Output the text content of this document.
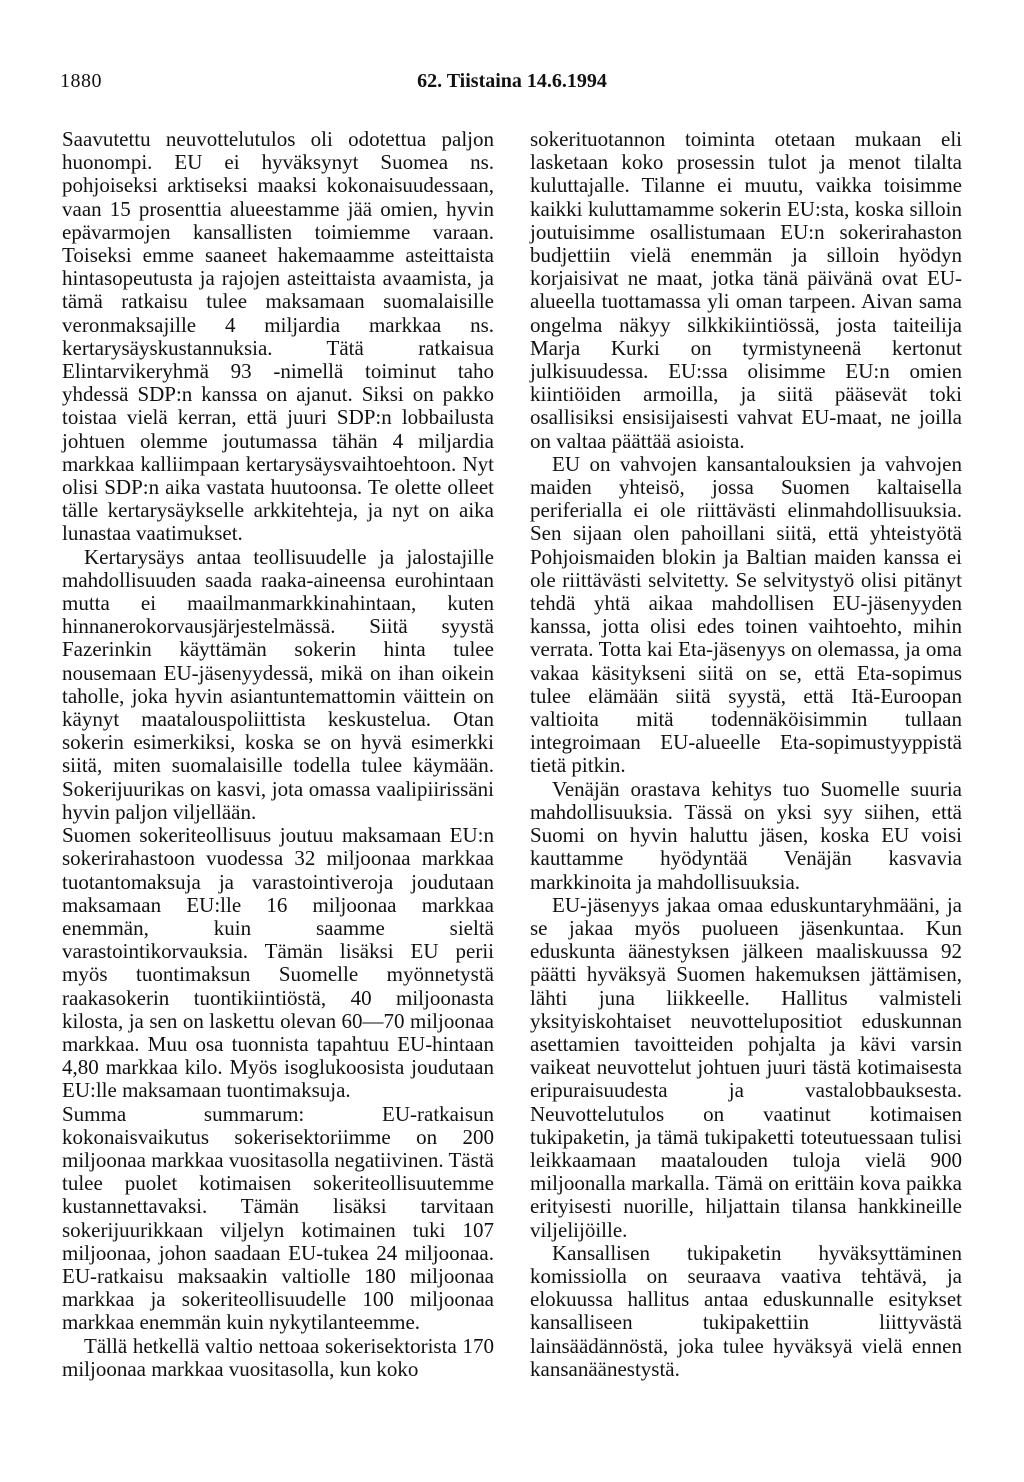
1880	62. Tiistaina 14.6.1994

Saavutettu neuvottelutulos oli odotettua paljon huonompi. EU ei hyväksynyt Suomea ns. pohjoiseksi arktiseksi maaksi kokonaisuudessaan, vaan 15 prosenttia alueestamme jää omien, hyvin epävarmojen kansallisten toimiemme varaan. Toiseksi emme saaneet hakemaamme asteittaista hintasopeutusta ja rajojen asteittaista avaamista, ja tämä ratkaisu tulee maksamaan suomalaisille veronmaksajille 4 miljardia markkaa ns. kertarysäyskustannuksia. Tätä ratkaisua Elintarvikeryhmä 93 -nimellä toiminut taho yhdessä SDP:n kanssa on ajanut. Siksi on pakko toistaa vielä kerran, että juuri SDP:n lobbailusta johtuen olemme joutumassa tähän 4 miljardia markkaa kalliimpaan kertarysäysvaihtoehtoon. Nyt olisi SDP:n aika vastata huutoonsa. Te olette olleet tälle kertarysäykselle arkkitehteja, ja nyt on aika lunastaa vaatimukset.

Kertarysäys antaa teollisuudelle ja jalostajille mahdollisuuden saada raaka-aineensa eurohintaan mutta ei maailmanmarkkinahintaan, kuten hinnanerokorvausjärjestelmässä. Siitä syystä Fazerinkin käyttämän sokerin hinta tulee nousemaan EU-jäsenyydessä, mikä on ihan oikein taholle, joka hyvin asiantuntemattomin väittein on käynyt maatalouspoliittista keskustelua. Otan sokerin esimerkiksi, koska se on hyvä esimerkki siitä, miten suomalaisille todella tulee käymään. Sokerijuurikas on kasvi, jota omassa vaalipiirissäni hyvin paljon viljellään.

Suomen sokeriteollisuus joutuu maksamaan EU:n sokerirahastoon vuodessa 32 miljoonaa markkaa tuotantomaksuja ja varastointiveroja joudutaan maksamaan EU:lle 16 miljoonaa markkaa enemmän, kuin saamme sieltä varastointikorvauksia. Tämän lisäksi EU perii myös tuontimaksun Suomelle myönnetystä raakasokerin tuontikiintiöstä, 40 miljoonasta kilosta, ja sen on laskettu olevan 60—70 miljoonaa markkaa. Muu osa tuonnista tapahtuu EU-hintaan 4,80 markkaa kilo. Myös isoglukoosista joudutaan EU:lle maksamaan tuontimaksuja.

Summa summarum: EU-ratkaisun kokonaisvaikutus sokerisektoriimme on 200 miljoonaa markkaa vuositasolla negatiivinen. Tästä tulee puolet kotimaisen sokeriteollisuutemme kustannettavaksi. Tämän lisäksi tarvitaan sokerijuurikkaan viljelyn kotimainen tuki 107 miljoonaa, johon saadaan EU-tukea 24 miljoonaa. EU-ratkaisu maksaakin valtiolle 180 miljoonaa markkaa ja sokeriteollisuudelle 100 miljoonaa markkaa enemmän kuin nykytilanteemme.

Tällä hetkellä valtio nettoaa sokerisektorista 170 miljoonaa markkaa vuositasolla, kun koko

sokerituotannon toiminta otetaan mukaan eli lasketaan koko prosessin tulot ja menot tilalta kuluttajalle. Tilanne ei muutu, vaikka toisimme kaikki kuluttamamme sokerin EU:sta, koska silloin joutuisimme osallistumaan EU:n sokerirahaston budjettiin vielä enemmän ja silloin hyödyn korjaisivat ne maat, jotka tänä päivänä ovat EU-alueella tuottamassa yli oman tarpeen. Aivan sama ongelma näkyy silkkikiintiössä, josta taiteilija Marja Kurki on tyrmistyneenä kertonut julkisuudessa. EU:ssa olisimme EU:n omien kiintiöiden armoilla, ja siitä pääsevät toki osallisiksi ensisijaisesti vahvat EU-maat, ne joilla on valtaa päättää asioista.

EU on vahvojen kansantalouksien ja vahvojen maiden yhteisö, jossa Suomen kaltaisella periferialla ei ole riittävästi elinmahdollisuuksia. Sen sijaan olen pahoillani siitä, että yhteistyötä Pohjoismaiden blokin ja Baltian maiden kanssa ei ole riittävästi selvitetty. Se selvitystyö olisi pitänyt tehdä yhtä aikaa mahdollisen EU-jäsenyyden kanssa, jotta olisi edes toinen vaihtoehto, mihin verrata. Totta kai Eta-jäsenyys on olemassa, ja oma vakaa käsitykseni siitä on se, että Eta-sopimus tulee elämään siitä syystä, että Itä-Euroopan valtioita mitä todennäköisimmin tullaan integroimaan EU-alueelle Eta-sopimustyyppistä tietä pitkin.

Venäjän orastava kehitys tuo Suomelle suuria mahdollisuuksia. Tässä on yksi syy siihen, että Suomi on hyvin haluttu jäsen, koska EU voisi kauttamme hyödyntää Venäjän kasvavia markkinoita ja mahdollisuuksia.

EU-jäsenyys jakaa omaa eduskuntaryhmääni, ja se jakaa myös puolueen jäsenkuntaa. Kun eduskunta äänestyksen jälkeen maaliskuussa 92 päätti hyväksyä Suomen hakemuksen jättämisen, lähti juna liikkeelle. Hallitus valmisteli yksityiskohtaiset neuvottelupositiot eduskunnan asettamien tavoitteiden pohjalta ja kävi varsin vaikeat neuvottelut johtuen juuri tästä kotimaisesta eripuraisuudesta ja vastalobbauksesta. Neuvottelutulos on vaatinut kotimaisen tukipaketin, ja tämä tukipaketti toteutuessaan tulisi leikkaamaan maatalouden tuloja vielä 900 miljoonalla markalla. Tämä on erittäin kova paikka erityisesti nuorille, hiljattain tilansa hankkineille viljelijöille.

Kansallisen tukipaketin hyväksyttäminen komissiolla on seuraava vaativa tehtävä, ja elokuussa hallitus antaa eduskunnalle esitykset kansalliseen tukipakettiin liittyvästä lainsäädännöstä, joka tulee hyväksyä vielä ennen kansanäänestystä.
